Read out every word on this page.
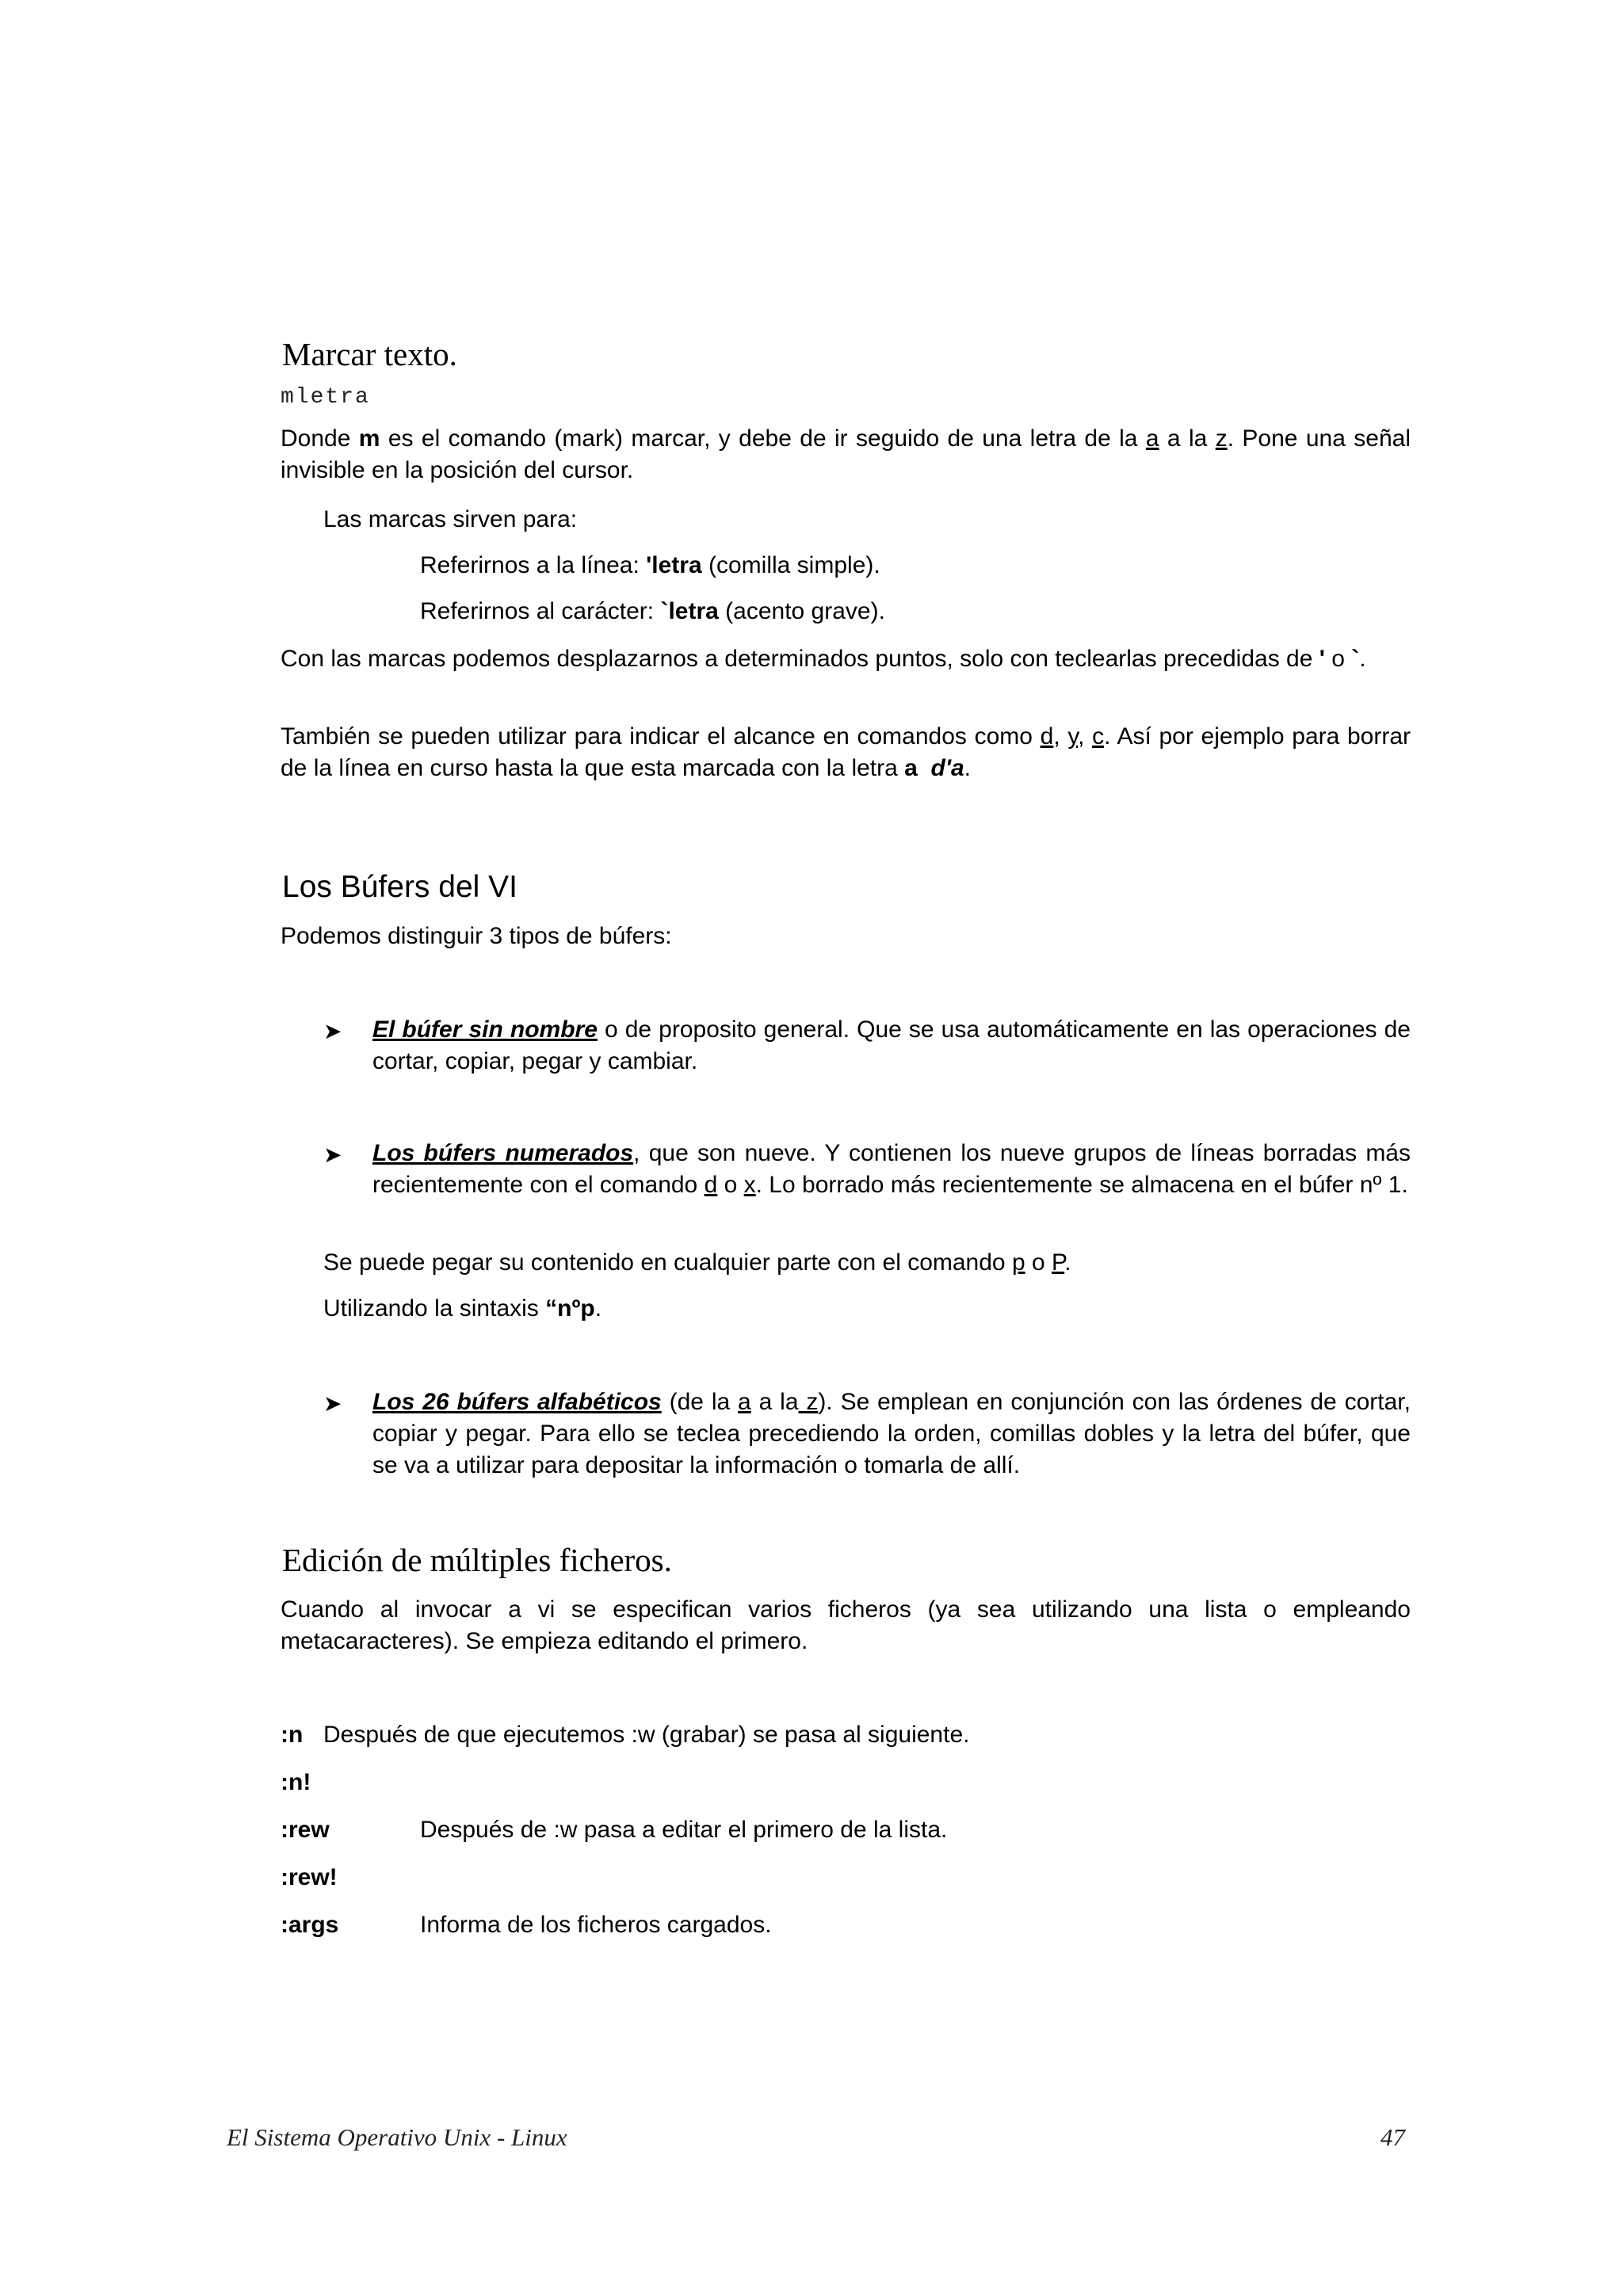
Marcar texto.
mletra
Donde m es el comando (mark) marcar, y debe de ir seguido de una letra de la a a la z. Pone una señal invisible en la posición del cursor.
Las marcas sirven para:
Referirnos a la línea: 'letra (comilla simple).
Referirnos al carácter: `letra (acento grave).
Con las marcas podemos desplazarnos a determinados puntos, solo con teclearlas precedidas de ' o `.
También se pueden utilizar para indicar el alcance en comandos como d, y, c. Así por ejemplo para borrar de la línea en curso hasta la que esta marcada con la letra a d'a.
Los Búfers del VI
Podemos distinguir 3 tipos de búfers:
➤ El búfer sin nombre o de proposito general. Que se usa automáticamente en las operaciones de cortar, copiar, pegar y cambiar.
➤ Los búfers numerados, que son nueve. Y contienen los nueve grupos de líneas borradas más recientemente con el comando d o x. Lo borrado más recientemente se almacena en el búfer nº 1.
Se puede pegar su contenido en cualquier parte con el comando p o P.
Utilizando la sintaxis “nºp.
➤ Los 26 búfers alfabéticos (de la a a la z). Se emplean en conjunción con las órdenes de cortar, copiar y pegar. Para ello se teclea precediendo la orden, comillas dobles y la letra del búfer, que se va a utilizar para depositar la información o tomarla de allí.
Edición de múltiples ficheros.
Cuando al invocar a vi se especifican varios ficheros (ya sea utilizando una lista o empleando metacaracteres). Se empieza editando el primero.
:n Después de que ejecutemos :w (grabar) se pasa al siguiente.
:n!
:rew	Después de :w pasa a editar el primero de la lista.
:rew!
:args	Informa de los ficheros cargados.
El Sistema Operativo Unix - Linux	47
